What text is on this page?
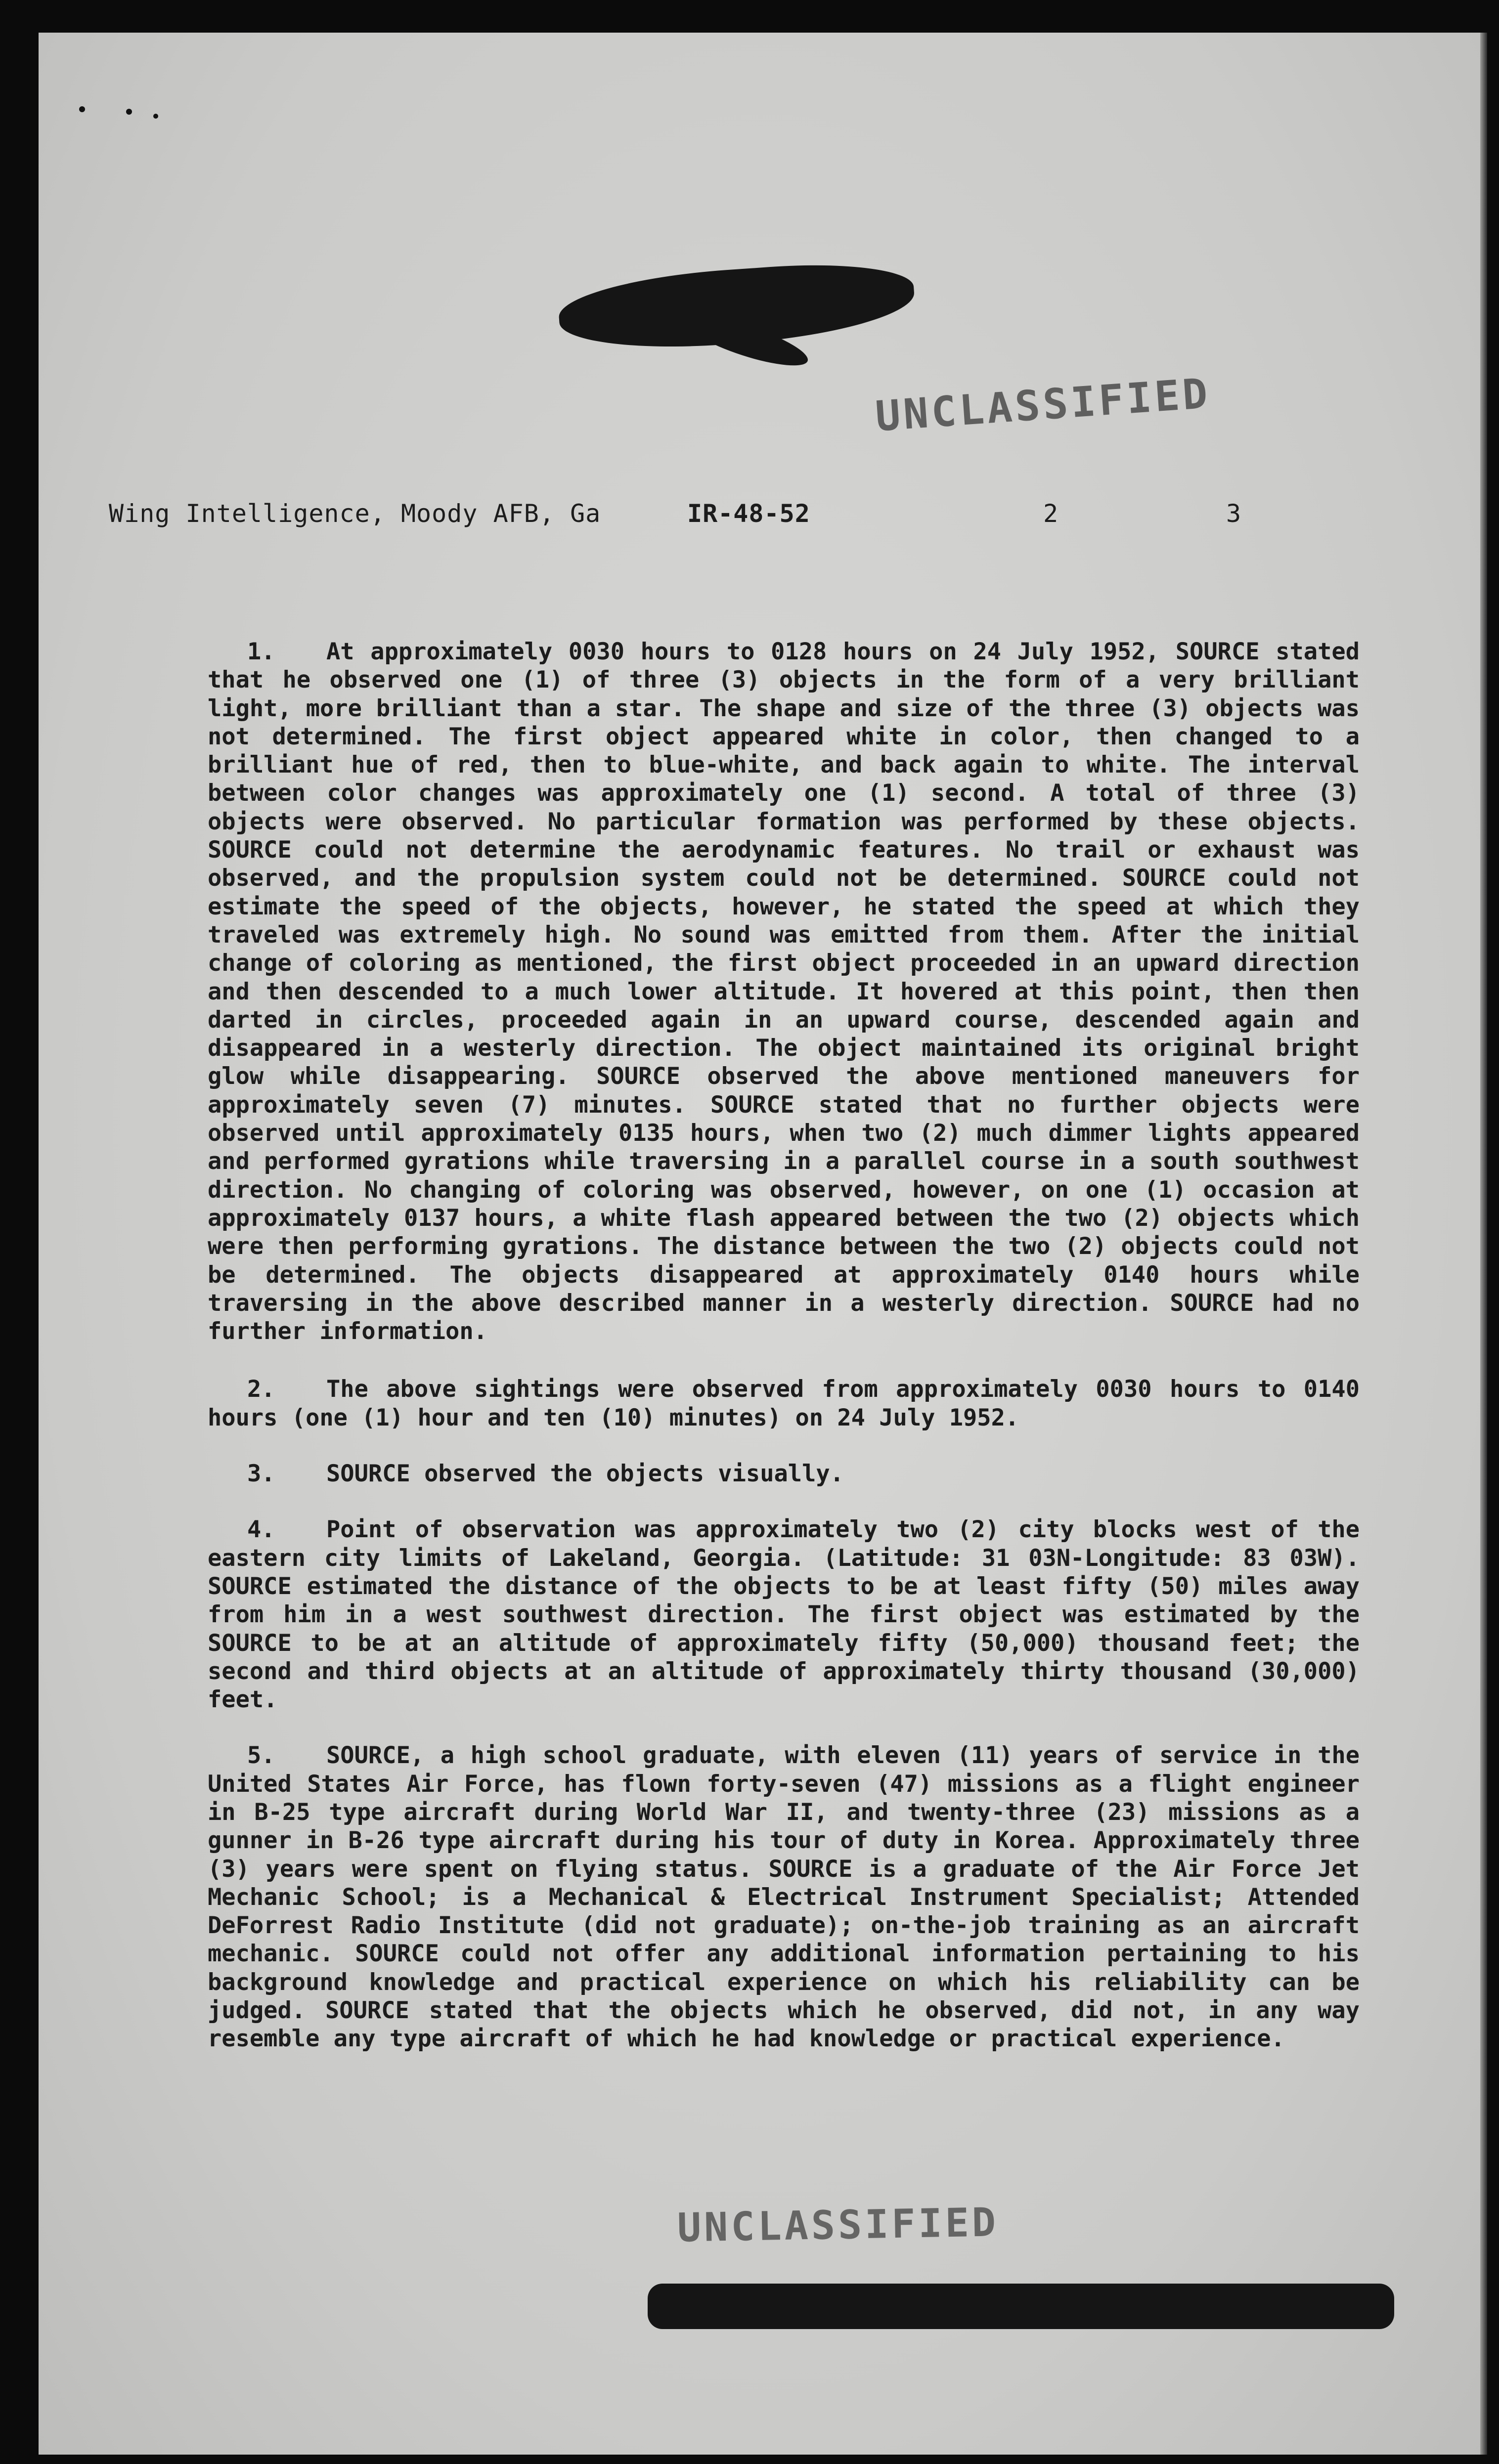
UNCLASSIFIED
UNCLASSIFIED
Wing Intelligence, Moody AFB, Ga	IR-48-52	2	3

1. At approximately 0030 hours to 0128 hours on 24 July 1952, SOURCE stated that he observed one (1) of three (3) objects in the form of a very brilliant light, more brilliant than a star. The shape and size of the three (3) objects was not determined. The first object appeared white in color, then changed to a brilliant hue of red, then to blue-white, and back again to white. The interval between color changes was approximately one (1) second. A total of three (3) objects were observed. No particular formation was performed by these objects. SOURCE could not determine the aerodynamic features. No trail or exhaust was observed, and the propulsion system could not be determined. SOURCE could not estimate the speed of the objects, however, he stated the speed at which they traveled was extremely high. No sound was emitted from them. After the initial change of coloring as mentioned, the first object proceeded in an upward direction and then descended to a much lower altitude. It hovered at this point, then then darted in circles, proceeded again in an upward course, descended again and disappeared in a westerly direction. The object maintained its original bright glow while disappearing. SOURCE observed the above mentioned maneuvers for approximately seven (7) minutes. SOURCE stated that no further objects were observed until approximately 0135 hours, when two (2) much dimmer lights appeared and performed gyrations while traversing in a parallel course in a south southwest direction. No changing of coloring was observed, however, on one (1) occasion at approximately 0137 hours, a white flash appeared between the two (2) objects which were then performing gyrations. The distance between the two (2) objects could not be determined. The objects disappeared at approximately 0140 hours while traversing in the above described manner in a westerly direction. SOURCE had no further information.

2. The above sightings were observed from approximately 0030 hours to 0140 hours (one (1) hour and ten (10) minutes) on 24 July 1952.

3. SOURCE observed the objects visually.

4. Point of observation was approximately two (2) city blocks west of the eastern city limits of Lakeland, Georgia. (Latitude: 31 03N-Longitude: 83 03W). SOURCE estimated the distance of the objects to be at least fifty (50) miles away from him in a west southwest direction. The first object was estimated by the SOURCE to be at an altitude of approximately fifty (50,000) thousand feet; the second and third objects at an altitude of approximately thirty thousand (30,000) feet.

5. SOURCE, a high school graduate, with eleven (11) years of service in the United States Air Force, has flown forty-seven (47) missions as a flight engineer in B-25 type aircraft during World War II, and twenty-three (23) missions as a gunner in B-26 type aircraft during his tour of duty in Korea. Approximately three (3) years were spent on flying status. SOURCE is a graduate of the Air Force Jet Mechanic School; is a Mechanical & Electrical Instrument Specialist; Attended DeForrest Radio Institute (did not graduate); on-the-job training as an aircraft mechanic. SOURCE could not offer any additional information pertaining to his background knowledge and practical experience on which his reliability can be judged. SOURCE stated that the objects which he observed, did not, in any way resemble any type aircraft of which he had knowledge or practical experience.
